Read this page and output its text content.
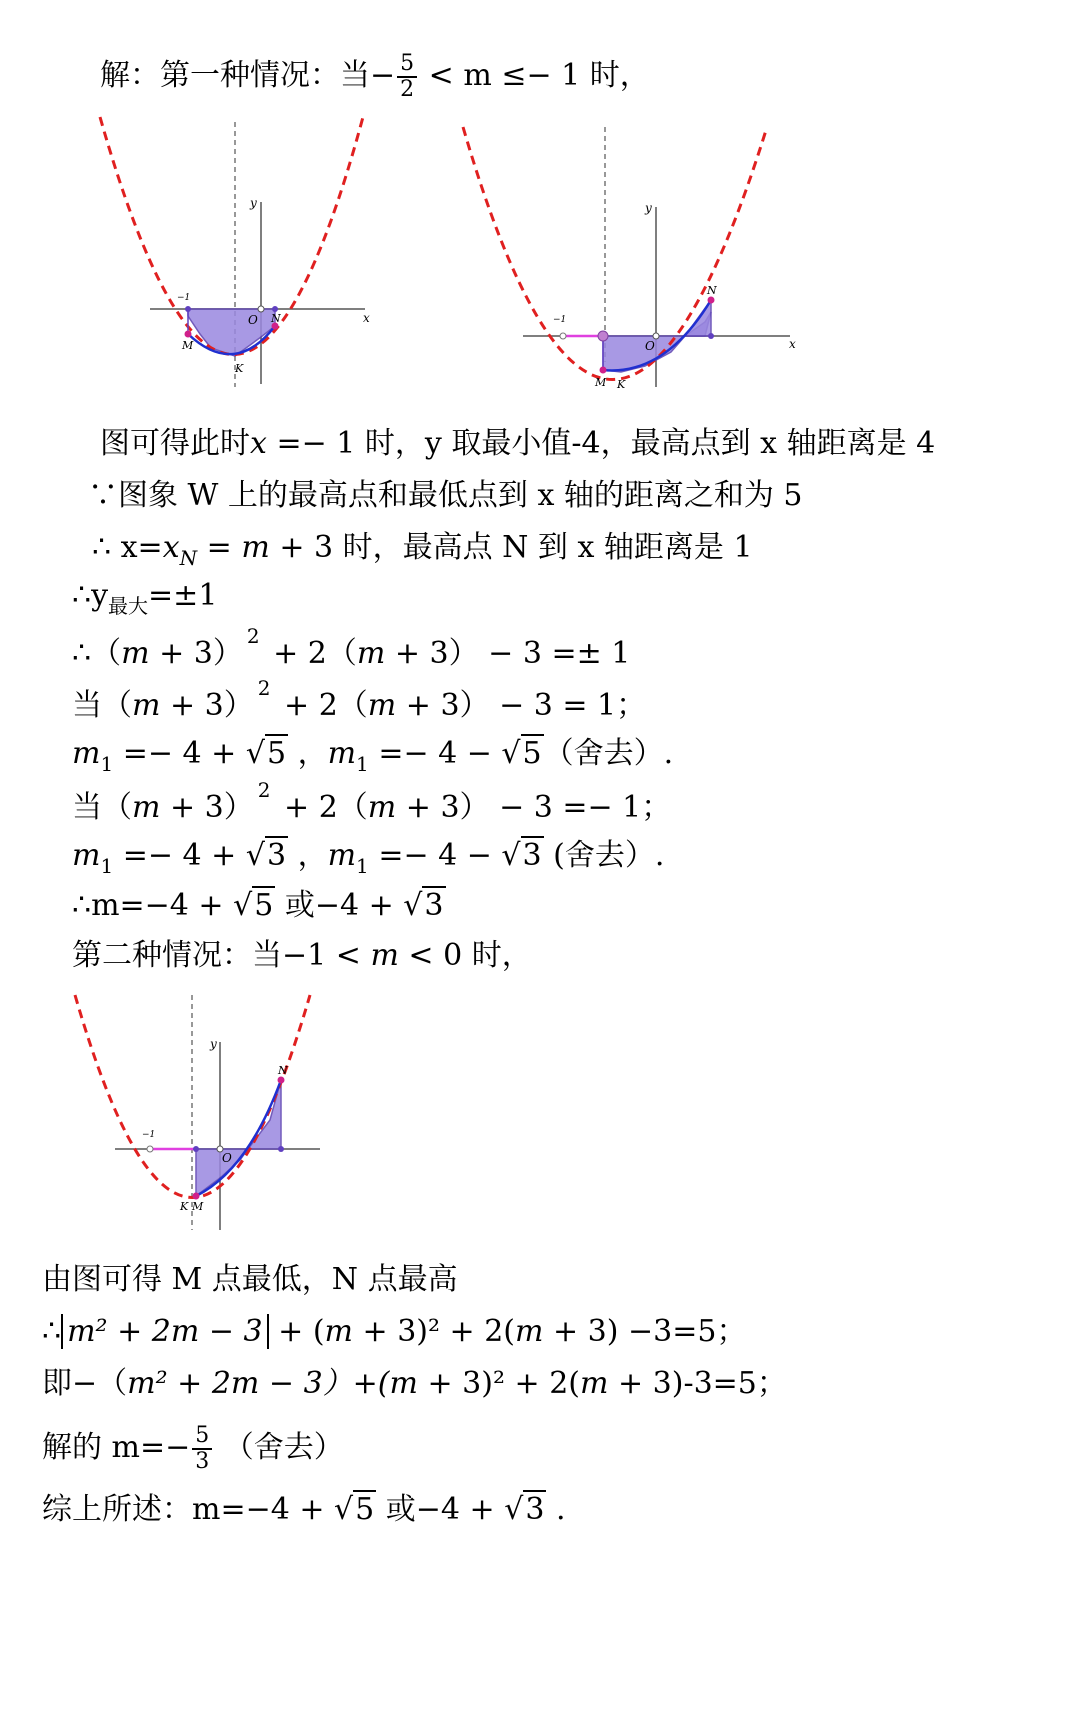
解：第一种情况：当− $\frac{5}{2} < m \le- 1$ 时，
−1
y
O	x
M
K
N	−1
y
O	x
M K
N
图可得此时x =− 1 时，y 取最小值-4，最高点到 x 轴距离是 4
∵图象 W 上的最高点和最低点到 x 轴的距离之和为 5
∴ $x=x_N = m + 3$ 时，最高点 N 到 x 轴距离是 1
$\therefore y_{最大}=\pm 1$
∴（m + 3） $^2$ + 2（m + 3） − 3 =± 1
当（m + 3） $^2$ + 2（m + 3） − 3 = 1；
$m_1 =- 4 + √5$ ，$m_1 =- 4 - √5$（舍去）.
当（m + 3） $^2$ + 2（m + 3） − 3 =− 1；
$m_1 =- 4 + √3$ ，$m_1 =- 4 - √3$ (舍去）.
∴m=−4 + √5 或−4 + √3
第二种情况：当−1 < m < 0 时，
−1
y
O
K M
N
由图可得 M 点最低，N 点最高
∴ m² + 2m − 3 + (m + 3)² + 2(m + 3) −3=5；
即−（m² + 2m − 3）+(m + 3)² + 2(m + 3)-3=5；
解的 $m=- \frac{5}{3}$ （舍去）
综上所述：m=−4 + √5 或−4 + √3 .
